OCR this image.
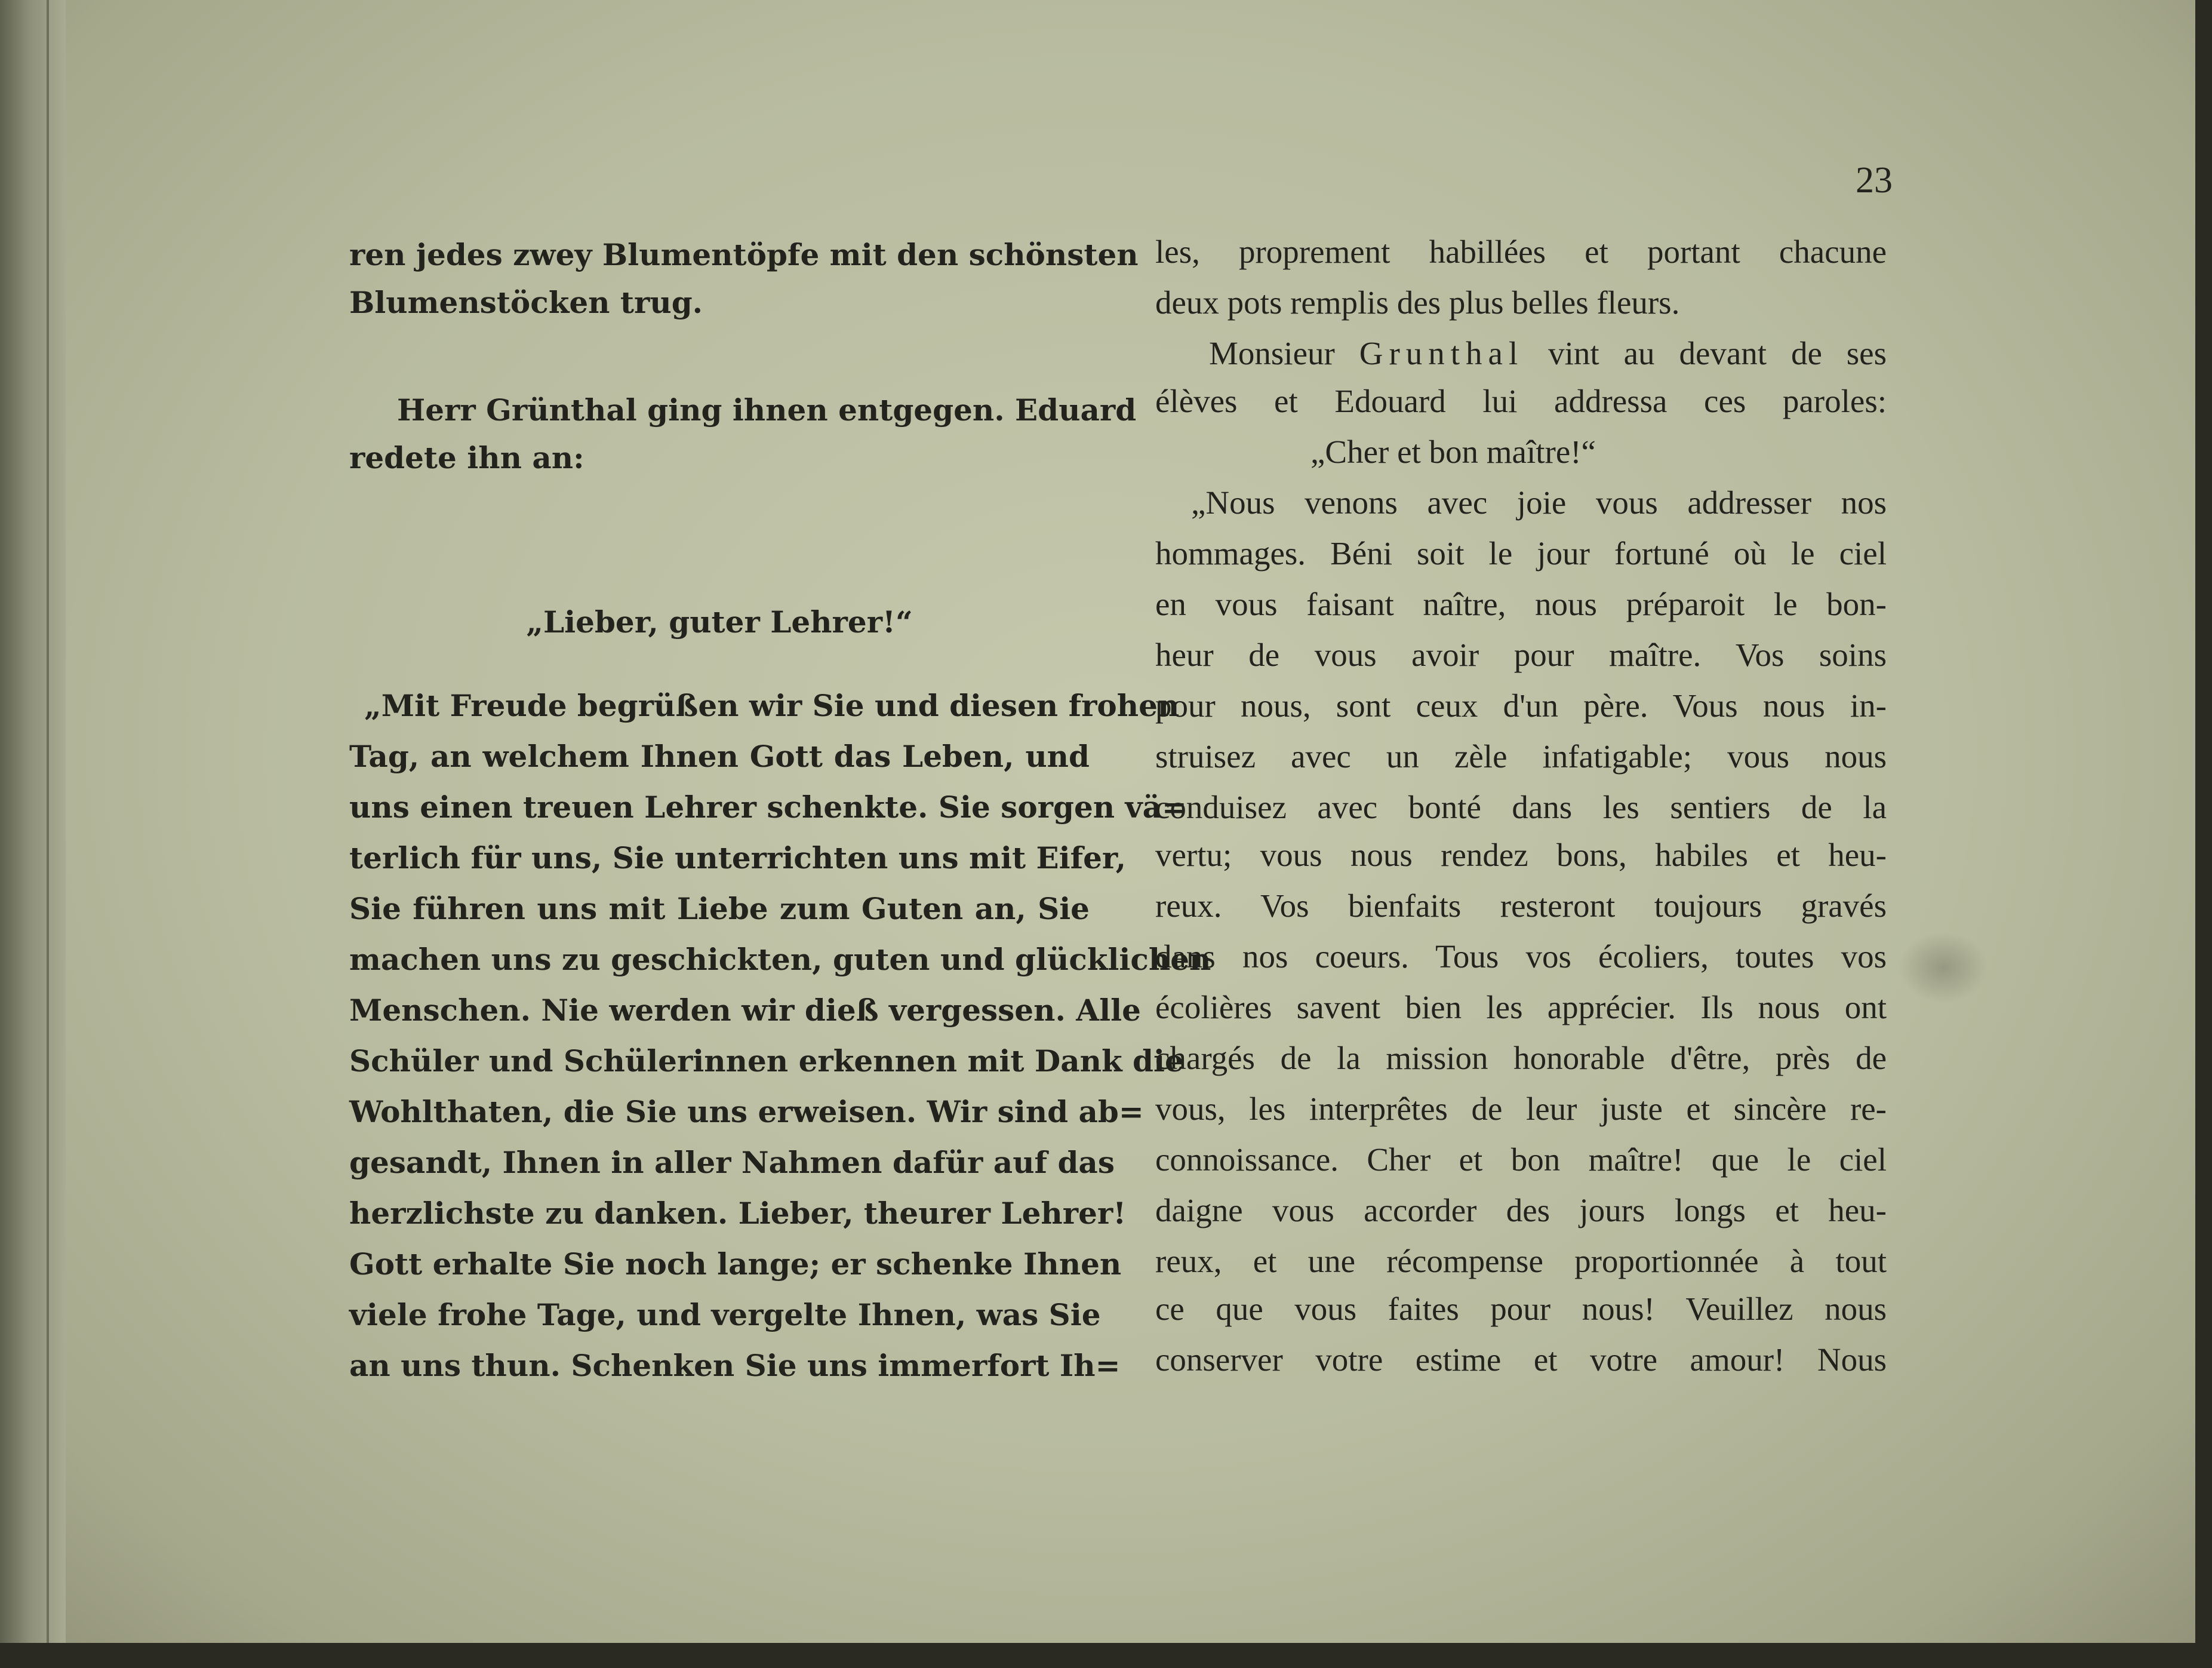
23
ren jedes zwey Blumentöpfe mit den schönsten
Blumenstöcken trug.
Herr Grünthal ging ihnen entgegen. Eduard
redete ihn an:
„Lieber, guter Lehrer!“
„Mit Freude begrüßen wir Sie und diesen frohen
Tag, an welchem Ihnen Gott das Leben, und
uns einen treuen Lehrer schenkte. Sie sorgen vä=
terlich für uns, Sie unterrichten uns mit Eifer,
Sie führen uns mit Liebe zum Guten an, Sie
machen uns zu geschickten, guten und glücklichen
Menschen. Nie werden wir dieß vergessen. Alle
Schüler und Schülerinnen erkennen mit Dank die
Wohlthaten, die Sie uns erweisen. Wir sind ab=
gesandt, Ihnen in aller Nahmen dafür auf das
herzlichste zu danken. Lieber, theurer Lehrer!
Gott erhalte Sie noch lange; er schenke Ihnen
viele frohe Tage, und vergelte Ihnen, was Sie
an uns thun. Schenken Sie uns immerfort Ih=
les, proprement habillées et portant chacune
deux pots remplis des plus belles fleurs.
Monsieur Grunthal vint au devant de ses
élèves et Edouard lui addressa ces paroles:
„Cher et bon maître!“
„Nous venons avec joie vous addresser nos
hommages. Béni soit le jour fortuné où le ciel
en vous faisant naître, nous préparoit le bon-
heur de vous avoir pour maître. Vos soins
pour nous, sont ceux d'un père. Vous nous in-
struisez avec un zèle infatigable; vous nous
conduisez avec bonté dans les sentiers de la
vertu; vous nous rendez bons, habiles et heu-
reux. Vos bienfaits resteront toujours gravés
dans nos coeurs. Tous vos écoliers, toutes vos
écolières savent bien les apprécier. Ils nous ont
chargés de la mission honorable d'être, près de
vous, les interprêtes de leur juste et sincère re-
connoissance. Cher et bon maître! que le ciel
daigne vous accorder des jours longs et heu-
reux, et une récompense proportionnée à tout
ce que vous faites pour nous! Veuillez nous
conserver votre estime et votre amour! Nous
